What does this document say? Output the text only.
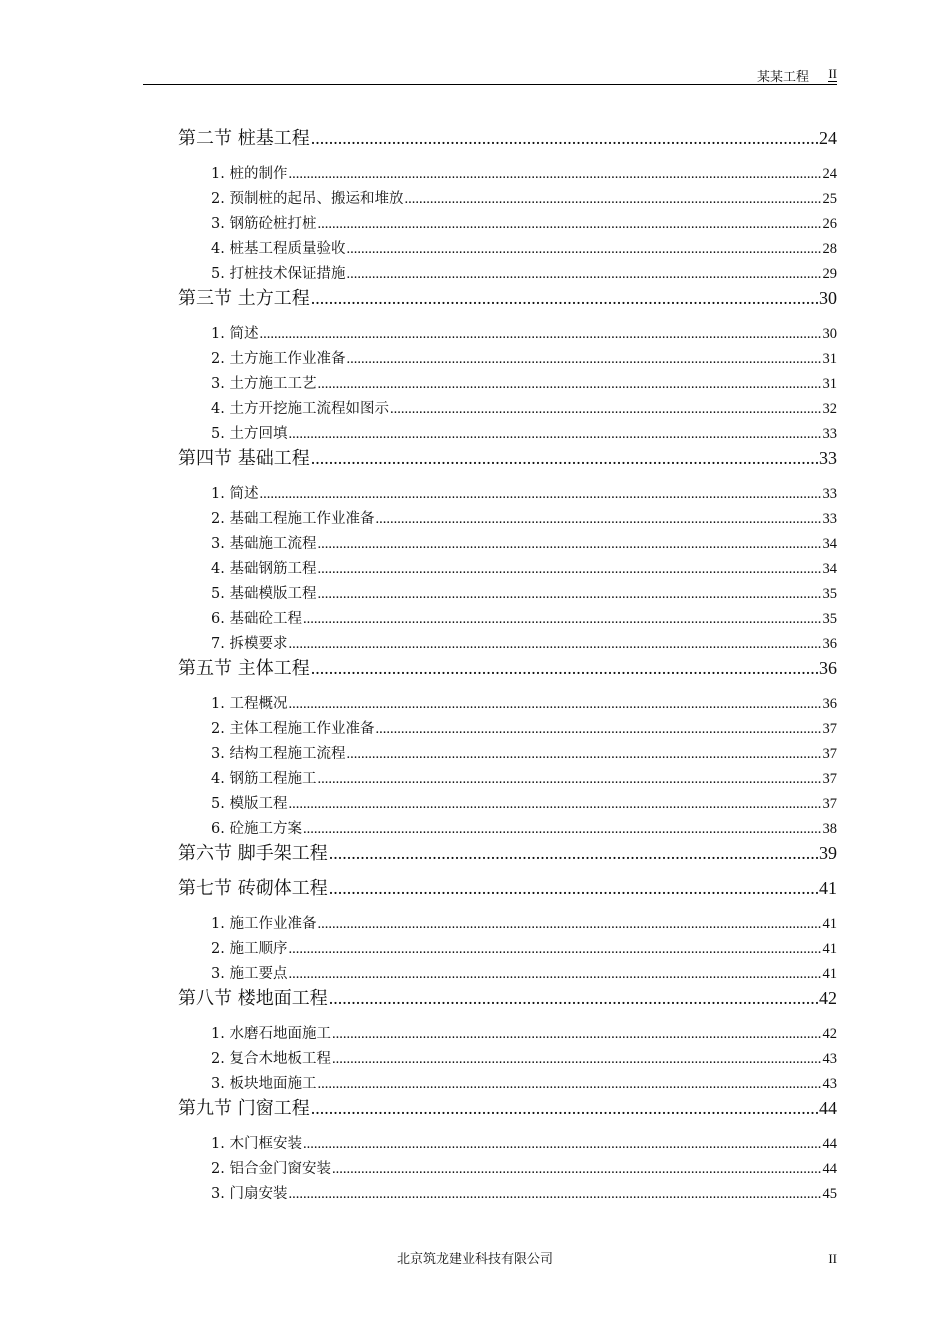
某某工程 II
第二节 桩基工程 .....	24
1. 桩的制作 .....	24
2. 预制桩的起吊、搬运和堆放 .....	25
3. 钢筋砼桩打桩 .....	26
4. 桩基工程质量验收 .....	28
5. 打桩技术保证措施 .....	29
第三节 土方工程 .....	30
1. 简述 .....	30
2. 土方施工作业准备 .....	31
3. 土方施工工艺 .....	31
4. 土方开挖施工流程如图示 .....	32
5. 土方回填 .....	33
第四节 基础工程 .....	33
1. 简述 .....	33
2. 基础工程施工作业准备 .....	33
3. 基础施工流程 .....	34
4. 基础钢筋工程 .....	34
5. 基础模版工程 .....	35
6. 基础砼工程 .....	35
7. 拆模要求 .....	36
第五节 主体工程 .....	36
1. 工程概况 .....	36
2. 主体工程施工作业准备 .....	37
3. 结构工程施工流程 .....	37
4. 钢筋工程施工 .....	37
5. 模版工程 .....	37
6. 砼施工方案 .....	38
第六节 脚手架工程 .....	39
第七节 砖砌体工程 .....	41
1. 施工作业准备 .....	41
2. 施工顺序 .....	41
3. 施工要点 .....	41
第八节 楼地面工程 .....	42
1. 水磨石地面施工 .....	42
2. 复合木地板工程 .....	43
3. 板块地面施工 .....	43
第九节 门窗工程 .....	44
1. 木门框安装 .....	44
2. 铝合金门窗安装 .....	44
3. 门扇安装 .....	45
北京筑龙建业科技有限公司	II
